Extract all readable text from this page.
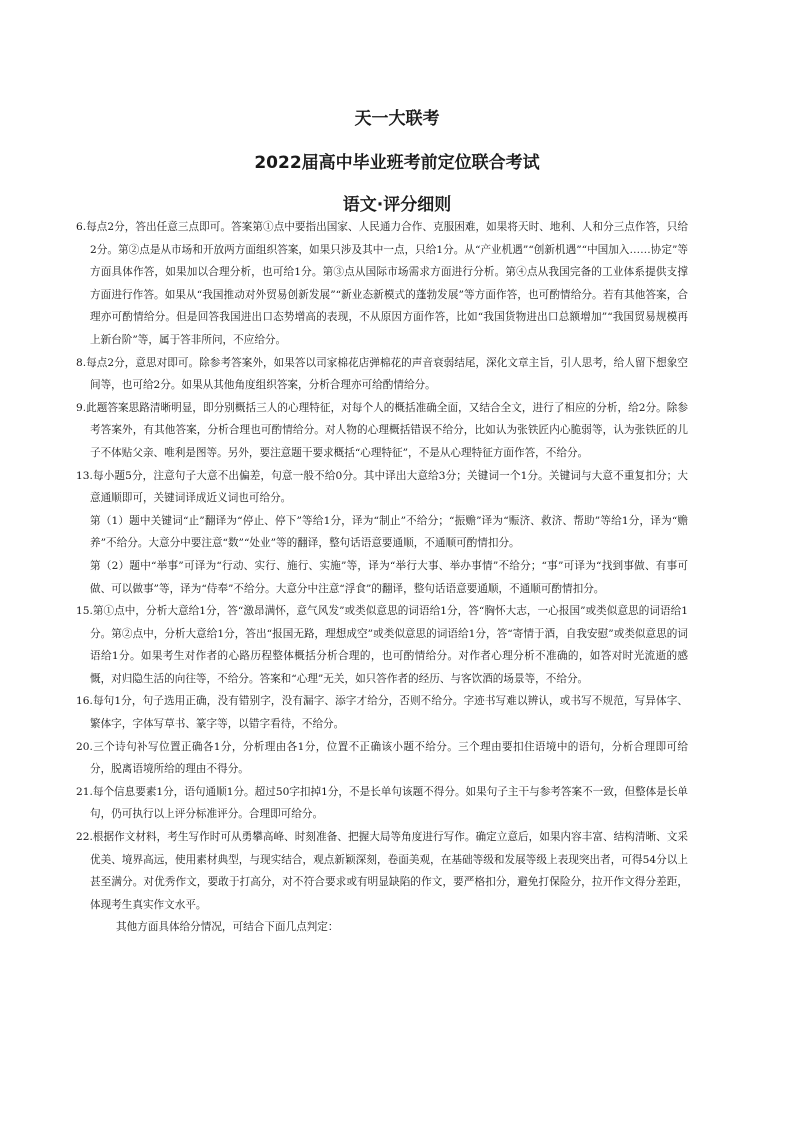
天一大联考
2022届高中毕业班考前定位联合考试
语文·评分细则

6.每点2分，答出任意三点即可。答案第①点中要指出国家、人民通力合作、克服困难，如果将天时、地利、人和分三点作答，只给2分。第②点是从市场和开放两方面组织答案，如果只涉及其中一点，只给1分。从“产业机遇”“创新机遇”“中国加入……协定”等方面具体作答，如果加以合理分析，也可给1分。第③点从国际市场需求方面进行分析。第④点从我国完备的工业体系提供支撑方面进行作答。如果从“我国推动对外贸易创新发展”“新业态新模式的蓬勃发展”等方面作答，也可酌情给分。若有其他答案，合理亦可酌情给分。但是回答我国进出口态势增高的表现，不从原因方面作答，比如“我国货物进出口总额增加”“我国贸易规模再上新台阶”等，属于答非所问，不应给分。

8.每点2分，意思对即可。除参考答案外，如果答以司家棉花店弹棉花的声音衰弱结尾，深化文章主旨，引人思考，给人留下想象空间等，也可给2分。如果从其他角度组织答案，分析合理亦可给酌情给分。

9.此题答案思路清晰明显，即分别概括三人的心理特征，对每个人的概括准确全面，又结合全文，进行了相应的分析，给2分。除参考答案外，有其他答案，分析合理也可酌情给分。对人物的心理概括错误不给分，比如认为张铁匠内心脆弱等，认为张铁匠的儿子不体贴父亲、唯利是图等。另外，要注意题干要求概括“心理特征”，不是从心理特征方面作答，不给分。

13.每小题5分，注意句子大意不出偏差，句意一般不给0分。其中译出大意给3分；关键词一个1分。关键词与大意不重复扣分；大意通顺即可，关键词译成近义词也可给分。

第（1）题中关键词“止”翻译为“停止、停下”等给1分，译为“制止”不给分；“振赡”译为“赈济、救济、帮助”等给1分，译为“赡养”不给分。大意分中要注意“数”“处业”等的翻译，整句话语意要通顺，不通顺可酌情扣分。

第（2）题中“举事”可译为“行动、实行、施行、实施”等，译为“举行大事、举办事情”不给分；“事”可译为“找到事做、有事可做、可以做事”等，译为“侍奉”不给分。大意分中注意“浮食”的翻译，整句话语意要通顺，不通顺可酌情扣分。

15.第①点中，分析大意给1分，答“激昂满怀，意气风发”或类似意思的词语给1分，答“胸怀大志，一心报国”或类似意思的词语给1分。第②点中，分析大意给1分，答出“报国无路，理想成空”或类似意思的词语给1分，答“寄情于酒，自我安慰”或类似意思的词语给1分。如果考生对作者的心路历程整体概括分析合理的，也可酌情给分。对作者心理分析不准确的，如答对时光流逝的感慨，对归隐生活的向往等，不给分。答案和“心理”无关，如只答作者的经历、与客饮酒的场景等，不给分。

16.每句1分，句子选用正确，没有错别字，没有漏字、添字才给分，否则不给分。字迹书写难以辨认，或书写不规范，写异体字、繁体字，字体写草书、篆字等，以错字看待，不给分。

20.三个诗句补写位置正确各1分，分析理由各1分，位置不正确该小题不给分。三个理由要扣住语境中的语句，分析合理即可给分，脱离语境所给的理由不得分。

21.每个信息要素1分，语句通顺1分。超过50字扣掉1分，不是长单句该题不得分。如果句子主干与参考答案不一致，但整体是长单句，仍可执行以上评分标准评分。合理即可给分。

22.根据作文材料，考生写作时可从勇攀高峰、时刻准备、把握大局等角度进行写作。确定立意后，如果内容丰富、结构清晰、文采优美、境界高远，使用素材典型，与现实结合，观点新颖深刻，卷面美观，在基础等级和发展等级上表现突出者，可得54分以上甚至满分。对优秀作文，要敢于打高分，对不符合要求或有明显缺陷的作文，要严格扣分，避免打保险分，拉开作文得分差距，体现考生真实作文水平。

其他方面具体给分情况，可结合下面几点判定：
